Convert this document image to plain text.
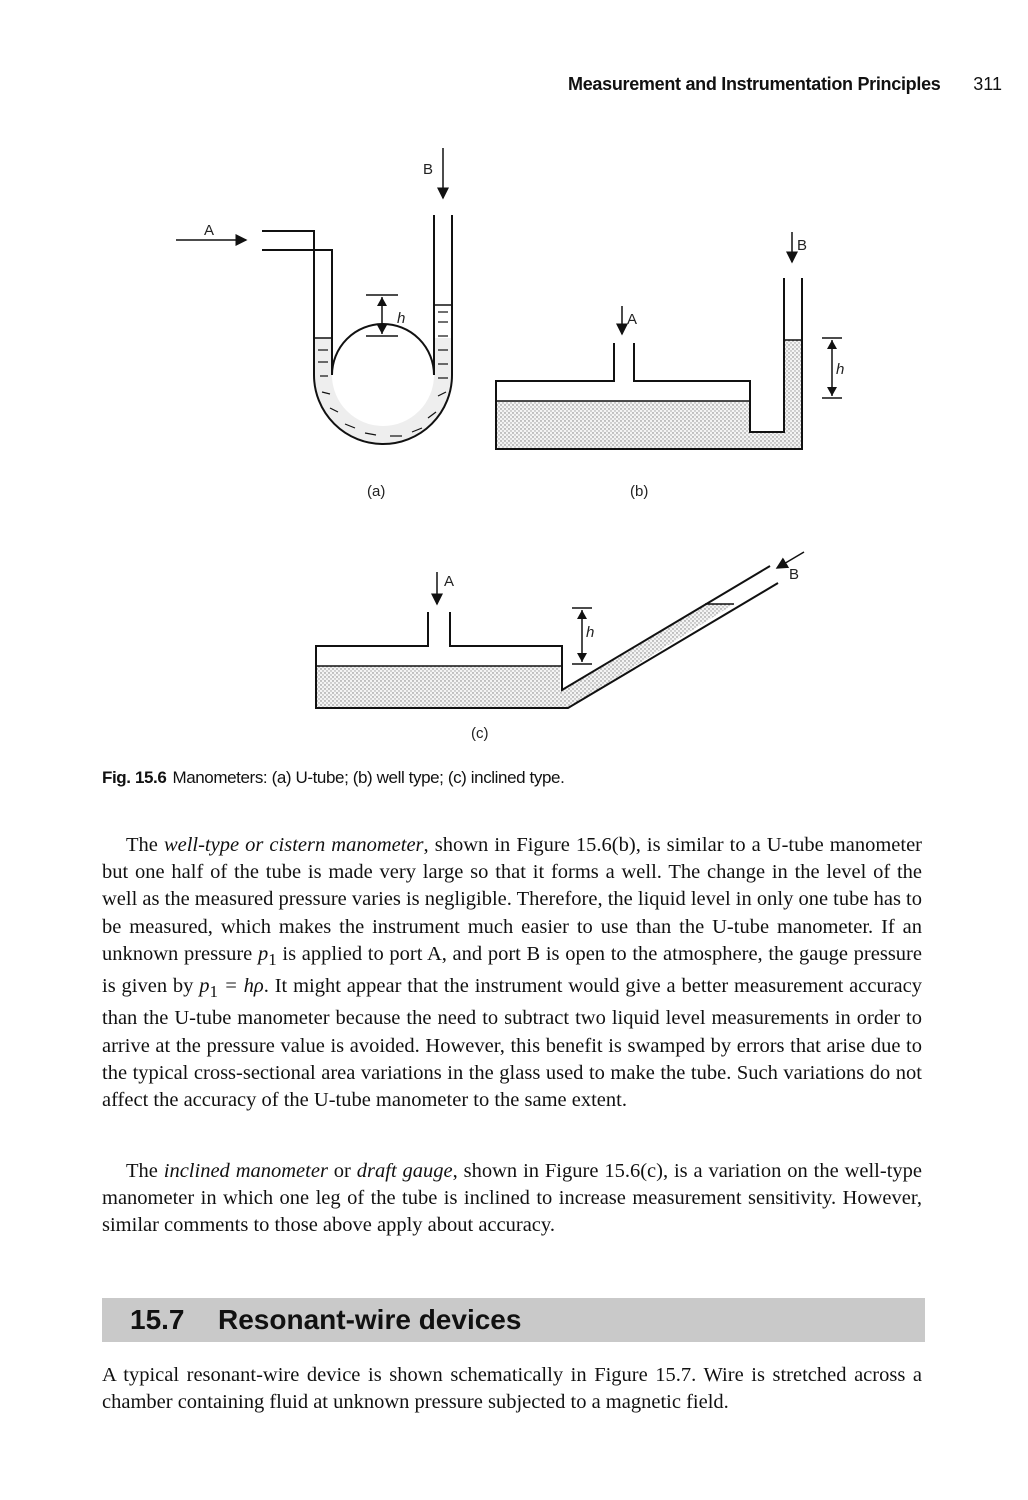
Measurement and Instrumentation Principles 311
A
B
h
(a)
A
B
h
(b)
A	B
h
(c)
Fig. 15.6 Manometers: (a) U-tube; (b) well type; (c) inclined type.
The well-type or cistern manometer, shown in Figure 15.6(b), is similar to a U-tube manometer but one half of the tube is made very large so that it forms a well. The change in the level of the well as the measured pressure varies is negligible. Therefore, the liquid level in only one tube has to be measured, which makes the instrument much easier to use than the U-tube manometer. If an unknown pressure $p_1$ is applied to port A, and port B is open to the atmosphere, the gauge pressure is given by $p_1 = h\rho$. It might appear that the instrument would give a better measurement accuracy than the U-tube manometer because the need to subtract two liquid level measurements in order to arrive at the pressure value is avoided. However, this benefit is swamped by errors that arise due to the typical cross-sectional area variations in the glass used to make the tube. Such variations do not affect the accuracy of the U-tube manometer to the same extent.
The inclined manometer or draft gauge, shown in Figure 15.6(c), is a variation on the well-type manometer in which one leg of the tube is inclined to increase measurement sensitivity. However, similar comments to those above apply about accuracy.
15.7 Resonant-wire devices
A typical resonant-wire device is shown schematically in Figure 15.7. Wire is stretched across a chamber containing fluid at unknown pressure subjected to a magnetic field.
